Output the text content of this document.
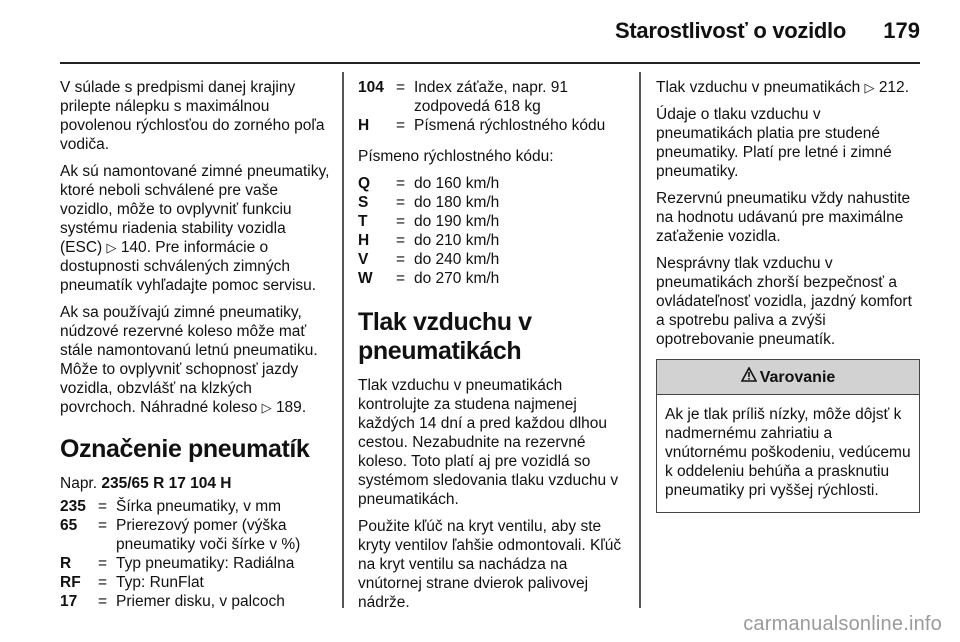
Starostlivosť o vozidlo 179

V súlade s predpismi danej krajiny prilepte nálepku s maximálnou povolenou rýchlosťou do zorného poľa vodiča.

Ak sú namontované zimné pneumatiky, ktoré neboli schválené pre vaše vozidlo, môže to ovplyvniť funkciu systému riadenia stability vozidla (ESC) ▷ 140. Pre informácie o dostupnosti schválených zimných pneumatík vyhľadajte pomoc servisu.

Ak sa používajú zimné pneumatiky, núdzové rezervné koleso môže mať stále namontovanú letnú pneumatiku. Môže to ovplyvniť schopnosť jazdy vozidla, obzvlášť na klzkých povrchoch. Náhradné koleso ▷ 189.

Označenie pneumatík

Napr. 235/65 R 17 104 H

235 = Šírka pneumatiky, v mm
65	= Prierezový pomer (výška pneumatiky voči šírke v %)
R	= Typ pneumatiky: Radiálna
RF	= Typ: RunFlat
17	= Priemer disku, v palcoch
104 = Index záťaže, napr. 91 zodpovedá 618 kg
H	= Písmená rýchlostného kódu

Písmeno rýchlostného kódu:

Q	= do 160 km/h
S	= do 180 km/h
T	= do 190 km/h
H	= do 210 km/h
V	= do 240 km/h
W	= do 270 km/h
Tlak vzduchu v pneumatikách

Tlak vzduchu v pneumatikách kontrolujte za studena najmenej každých 14 dní a pred každou dlhou cestou. Nezabudnite na rezervné koleso. Toto platí aj pre vozidlá so systémom sledovania tlaku vzduchu v pneumatikách.

Použite kľúč na kryt ventilu, aby ste kryty ventilov ľahšie odmontovali. Kľúč na kryt ventilu sa nachádza na vnútornej strane dvierok palivovej nádrže.

Tlak vzduchu v pneumatikách ▷ 212.

Údaje o tlaku vzduchu v pneumatikách platia pre studené pneumatiky. Platí pre letné i zimné pneumatiky.

Rezervnú pneumatiku vždy nahustite na hodnotu udávanú pre maximálne zaťaženie vozidla.

Nesprávny tlak vzduchu v pneumatikách zhorší bezpečnosť a ovládateľnosť vozidla, jazdný komfort a spotrebu paliva a zvýši opotrebovanie pneumatík.

Varovanie
Ak je tlak príliš nízky, môže dôjsť k nadmernému zahriatiu a vnútornému poškodeniu, vedúcemu k oddeleniu behúňa a prasknutiu pneumatiky pri vyššej rýchlosti.
carmanualsonline.info
